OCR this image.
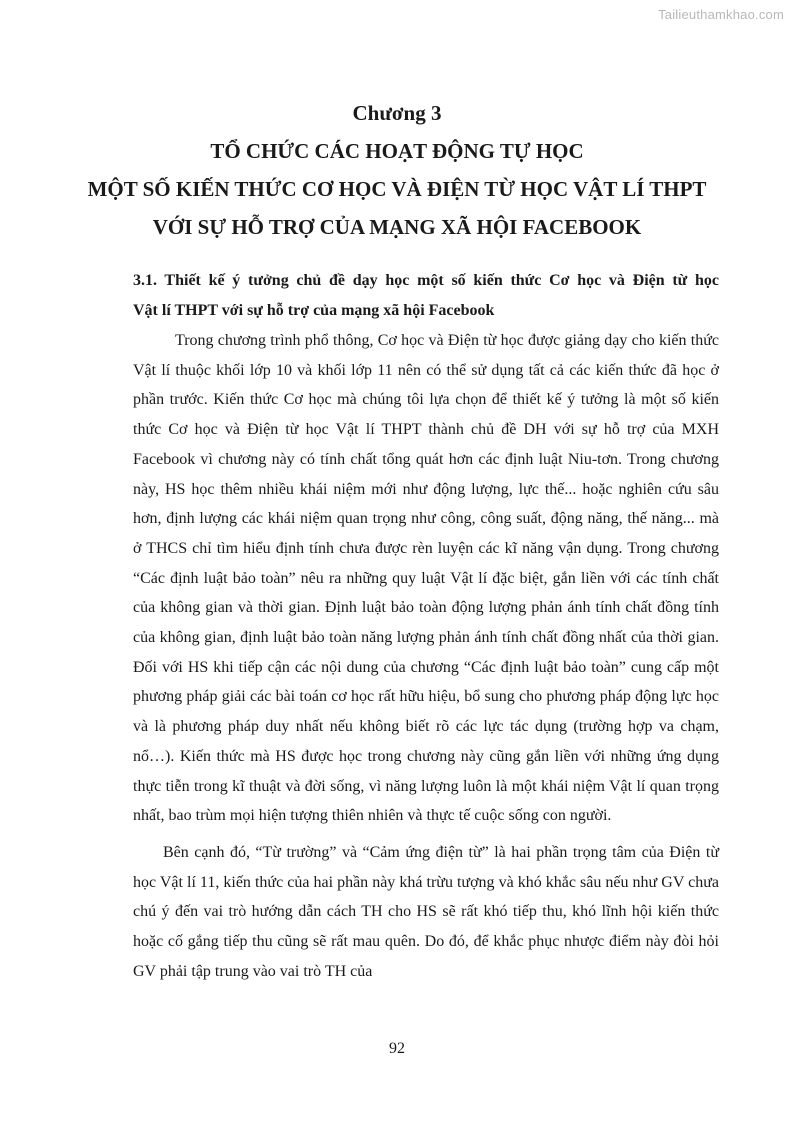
Tailieuthamkhao.com
Chương 3
TỔ CHỨC CÁC HOẠT ĐỘNG TỰ HỌC
MỘT SỐ KIẾN THỨC CƠ HỌC VÀ ĐIỆN TỪ HỌC VẬT LÍ THPT
VỚI SỰ HỖ TRỢ CỦA MẠNG XÃ HỘI FACEBOOK
3.1. Thiết kế ý tưởng chủ đề dạy học một số kiến thức Cơ học và Điện từ học
Vật lí THPT với sự hỗ trợ của mạng xã hội Facebook

Trong chương trình phổ thông, Cơ học và Điện từ học được giảng dạy cho kiến thức Vật lí thuộc khối lớp 10 và khối lớp 11 nên có thể sử dụng tất cả các kiến thức đã học ở phần trước. Kiến thức Cơ học mà chúng tôi lựa chọn để thiết kế ý tưởng là một số kiến thức Cơ học và Điện từ học Vật lí THPT thành chủ đề DH với sự hỗ trợ của MXH Facebook vì chương này có tính chất tổng quát hơn các định luật Niu-tơn. Trong chương này, HS học thêm nhiều khái niệm mới như động lượng, lực thế... hoặc nghiên cứu sâu hơn, định lượng các khái niệm quan trọng như công, công suất, động năng, thế năng... mà ở THCS chỉ tìm hiểu định tính chưa được rèn luyện các kĩ năng vận dụng. Trong chương “Các định luật bảo toàn” nêu ra những quy luật Vật lí đặc biệt, gắn liền với các tính chất của không gian và thời gian. Định luật bảo toàn động lượng phản ánh tính chất đồng tính của không gian, định luật bảo toàn năng lượng phản ánh tính chất đồng nhất của thời gian. Đối với HS khi tiếp cận các nội dung của chương “Các định luật bảo toàn” cung cấp một phương pháp giải các bài toán cơ học rất hữu hiệu, bổ sung cho phương pháp động lực học và là phương pháp duy nhất nếu không biết rõ các lực tác dụng (trường hợp va chạm, nổ…). Kiến thức mà HS được học trong chương này cũng gắn liền với những ứng dụng thực tiễn trong kĩ thuật và đời sống, vì năng lượng luôn là một khái niệm Vật lí quan trọng nhất, bao trùm mọi hiện tượng thiên nhiên và thực tế cuộc sống con người.

Bên cạnh đó, “Từ trường” và “Cảm ứng điện từ” là hai phần trọng tâm của Điện từ học Vật lí 11, kiến thức của hai phần này khá trừu tượng và khó khắc sâu nếu như GV chưa chú ý đến vai trò hướng dẫn cách TH cho HS sẽ rất khó tiếp thu, khó lĩnh hội kiến thức hoặc cố gắng tiếp thu cũng sẽ rất mau quên. Do đó, để khắc phục nhược điểm này đòi hỏi GV phải tập trung vào vai trò TH của

92
